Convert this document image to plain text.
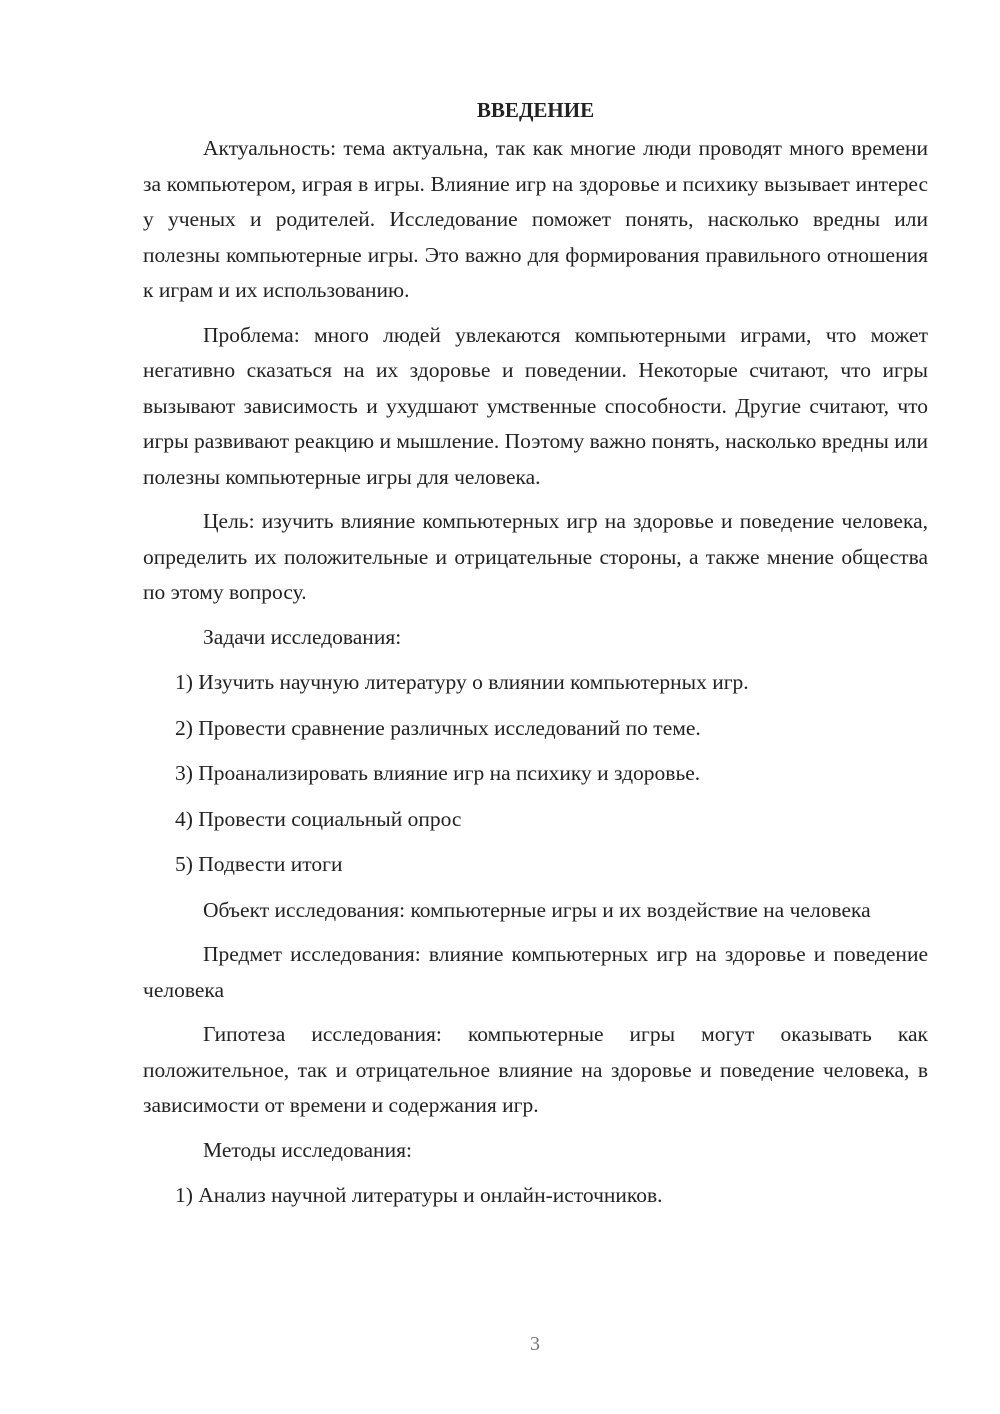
ВВЕДЕНИЕ

Актуальность: тема актуальна, так как многие люди проводят много времени за компьютером, играя в игры. Влияние игр на здоровье и психику вызывает интерес у ученых и родителей. Исследование поможет понять, насколько вредны или полезны компьютерные игры. Это важно для формирования правильного отношения к играм и их использованию.

Проблема: много людей увлекаются компьютерными играми, что может негативно сказаться на их здоровье и поведении. Некоторые считают, что игры вызывают зависимость и ухудшают умственные способности. Другие считают, что игры развивают реакцию и мышление. Поэтому важно понять, насколько вредны или полезны компьютерные игры для человека.

Цель: изучить влияние компьютерных игр на здоровье и поведение человека, определить их положительные и отрицательные стороны, а также мнение общества по этому вопросу.

Задачи исследования:

1) Изучить научную литературу о влиянии компьютерных игр.

2) Провести сравнение различных исследований по теме.

3) Проанализировать влияние игр на психику и здоровье.

4) Провести социальный опрос

5) Подвести итоги

Объект исследования: компьютерные игры и их воздействие на человека

Предмет исследования: влияние компьютерных игр на здоровье и поведение человека

Гипотеза исследования: компьютерные игры могут оказывать как положительное, так и отрицательное влияние на здоровье и поведение человека, в зависимости от времени и содержания игр.

Методы исследования:

1) Анализ научной литературы и онлайн-источников.

3
